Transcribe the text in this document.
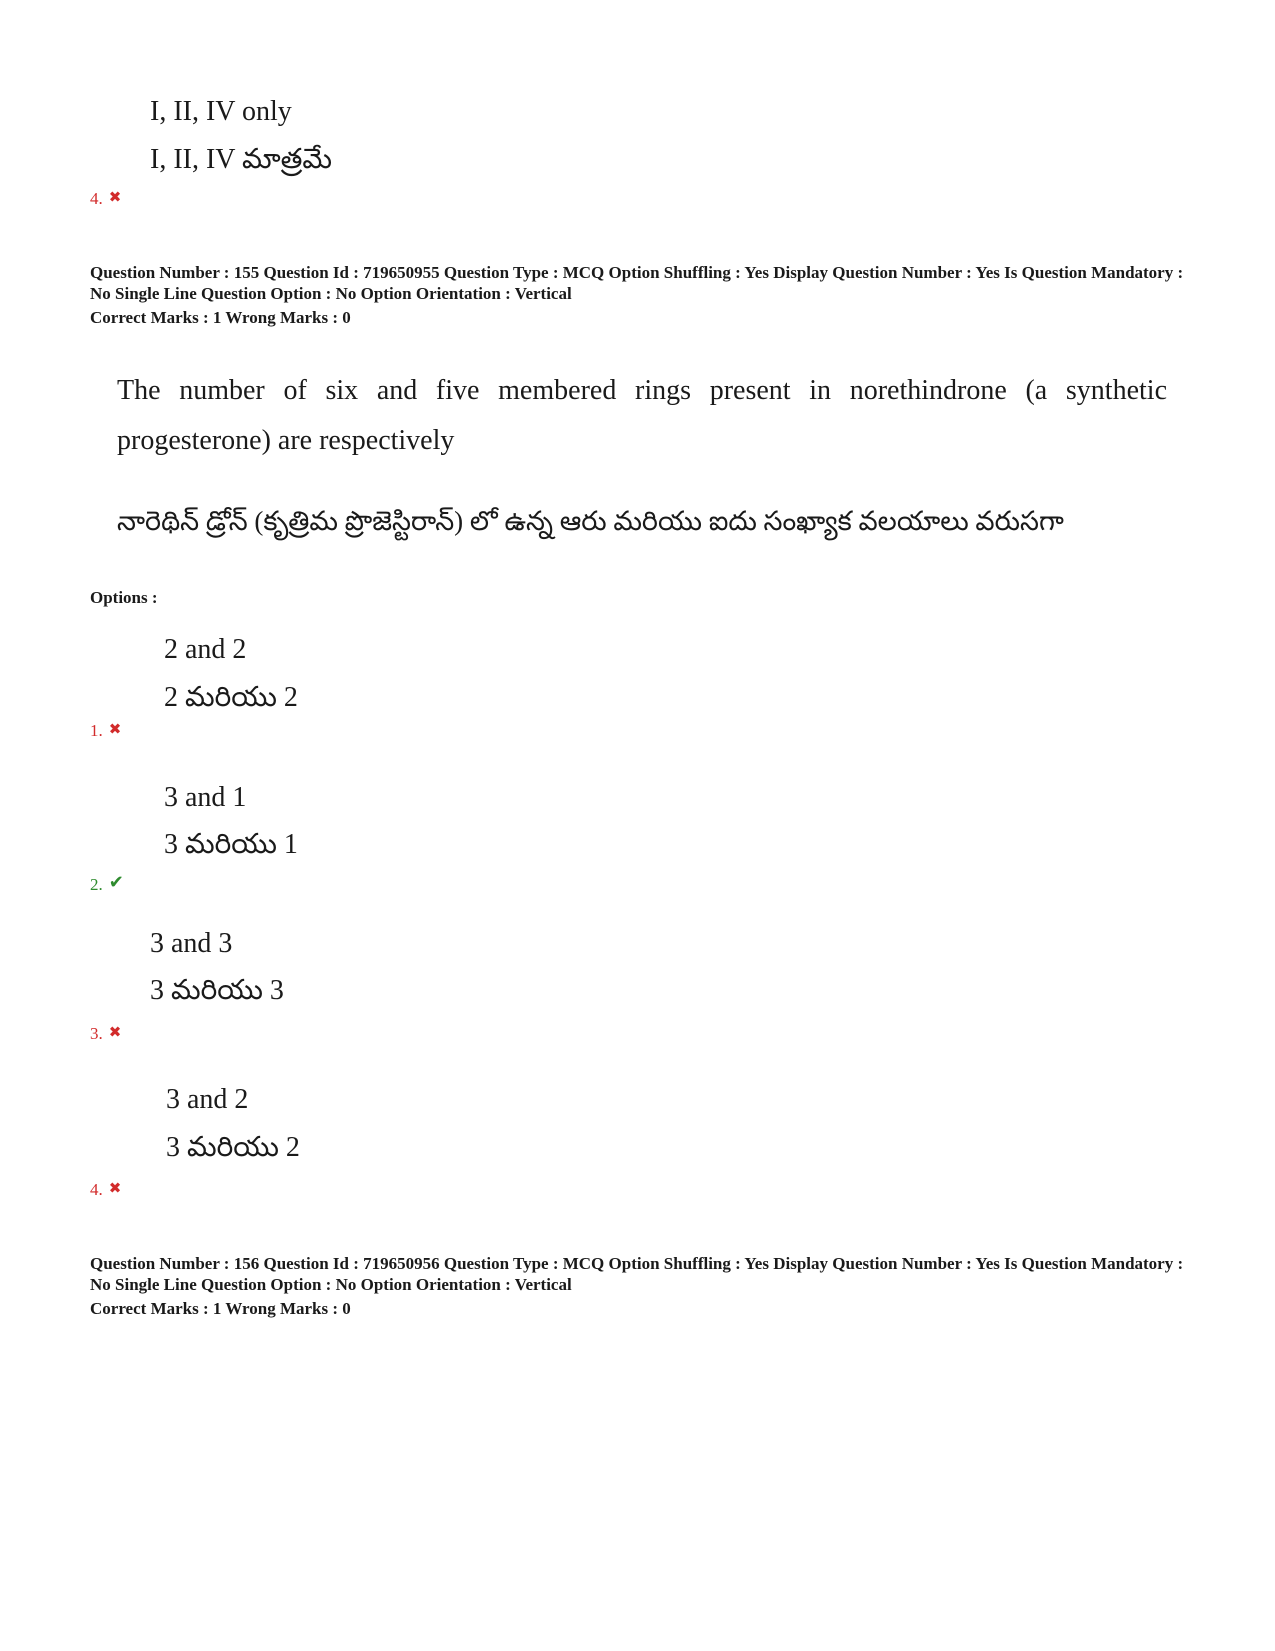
I, II, IV only
I, II, IV మాత్రమే
4. ✖
Question Number : 155 Question Id : 719650955 Question Type : MCQ Option Shuffling : Yes Display Question Number : Yes Is Question Mandatory : No Single Line Question Option : No Option Orientation : Vertical
Correct Marks : 1 Wrong Marks : 0
The number of six and five membered rings present in norethindrone (a synthetic progesterone) are respectively
నారెథిన్ డ్రోన్ (కృత్రిమ ప్రొజెస్టిరాన్) లో ఉన్న ఆరు మరియు ఐదు సంఖ్యాక వలయాలు వరుసగా
Options :
2 and 2
2 మరియు 2
1. ✖
3 and 1
3 మరియు 1
2. ✔
3 and 3
3 మరియు 3
3. ✖
3 and 2
3 మరియు 2
4. ✖
Question Number : 156 Question Id : 719650956 Question Type : MCQ Option Shuffling : Yes Display Question Number : Yes Is Question Mandatory : No Single Line Question Option : No Option Orientation : Vertical
Correct Marks : 1 Wrong Marks : 0
